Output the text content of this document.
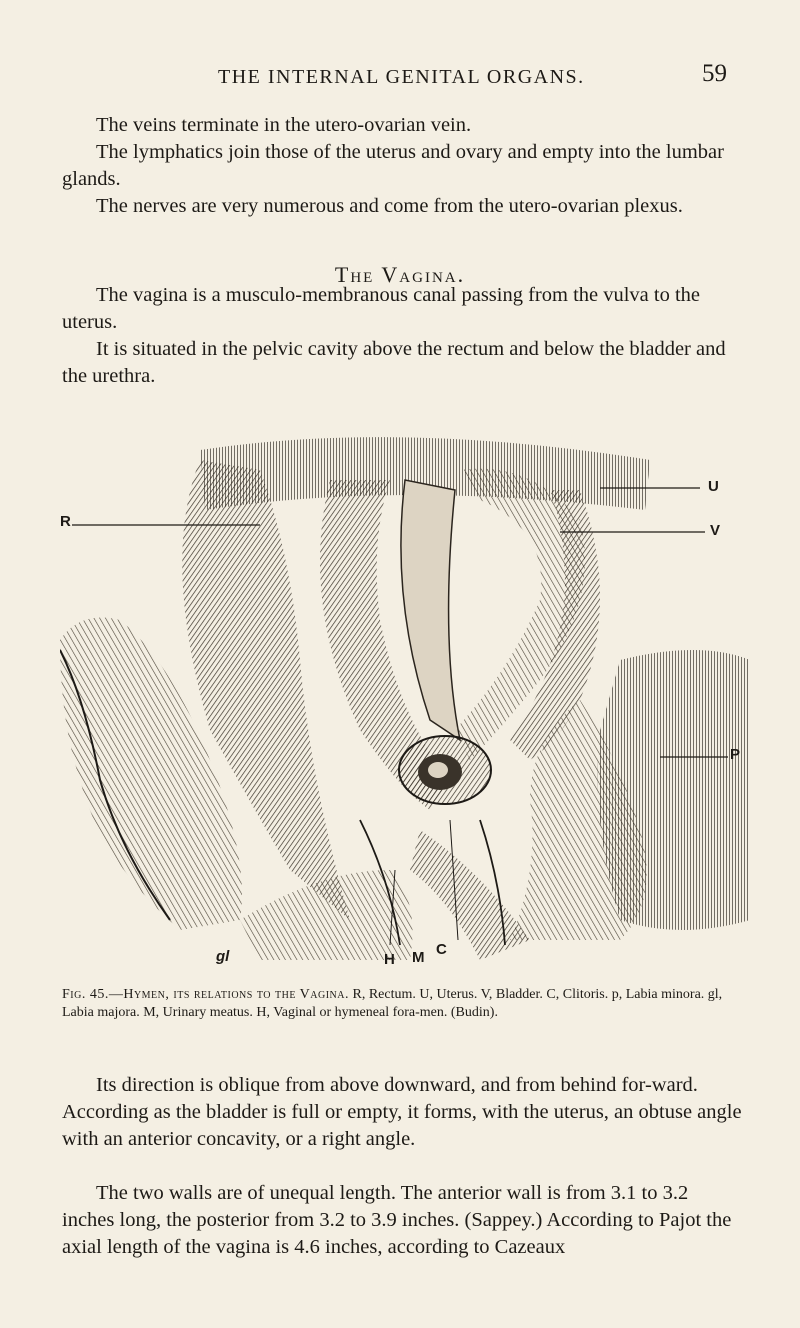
THE INTERNAL GENITAL ORGANS.	59

The veins terminate in the utero-ovarian vein.

The lymphatics join those of the uterus and ovary and empty into the lumbar glands.

The nerves are very numerous and come from the utero-ovarian plexus.

The Vagina.

The vagina is a musculo-membranous canal passing from the vulva to the uterus.

It is situated in the pelvic cavity above the rectum and below the bladder and the urethra.

R
U
V
P
gl	H M C
Fig. 45.—Hymen, its relations to the Vagina. R, Rectum. U, Uterus. V, Bladder. C, Clitoris. p, Labia minora. gl, Labia majora. M, Urinary meatus. H, Vaginal or hymeneal fora-men. (Budin).

Its direction is oblique from above downward, and from behind for-ward. According as the bladder is full or empty, it forms, with the uterus, an obtuse angle with an anterior concavity, or a right angle.

The two walls are of unequal length. The anterior wall is from 3.1 to 3.2 inches long, the posterior from 3.2 to 3.9 inches. (Sappey.) According to Pajot the axial length of the vagina is 4.6 inches, according to Cazeaux
